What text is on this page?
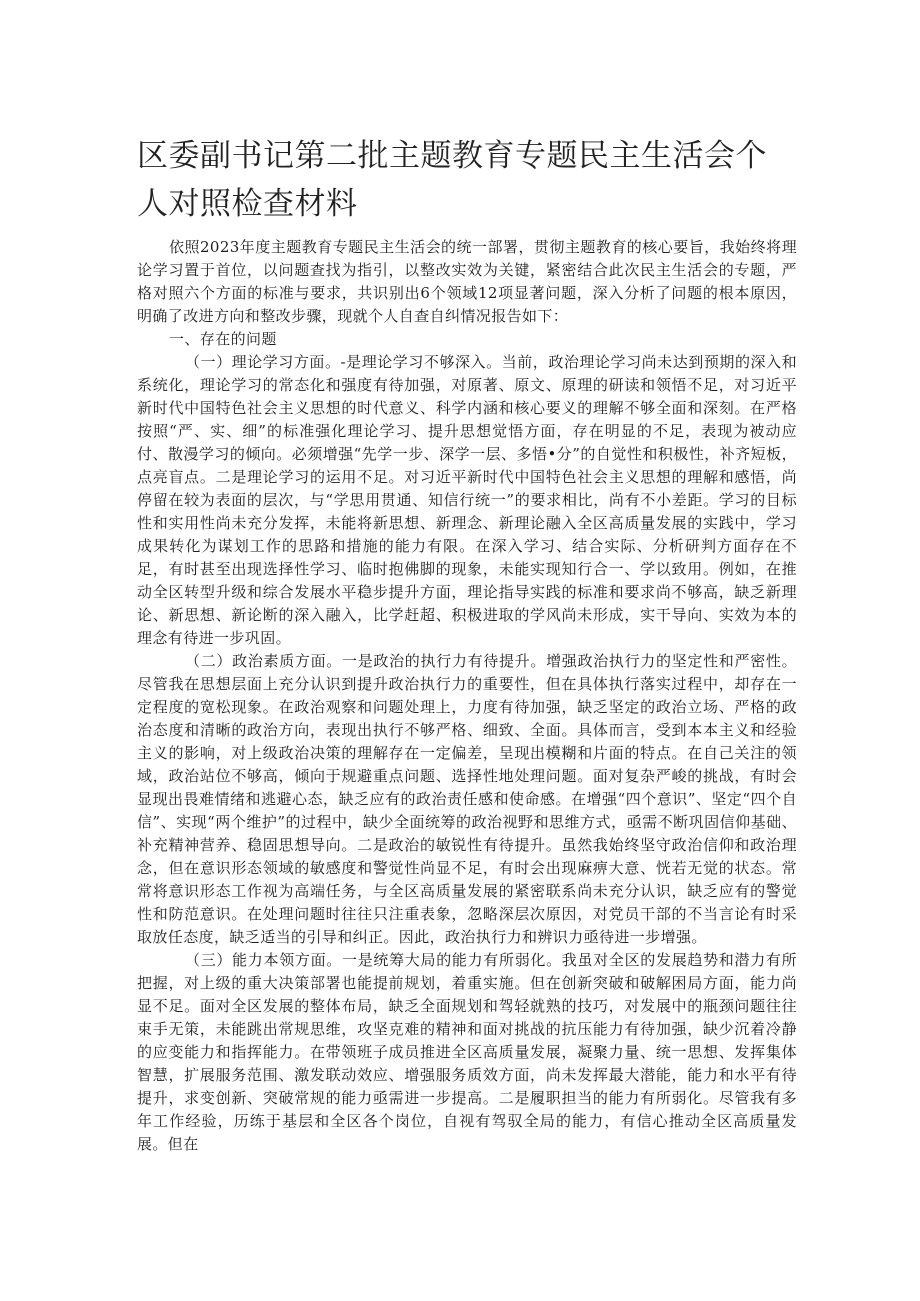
区委副书记第二批主题教育专题民主生活会个人对照检查材料

依照2023年度主题教育专题民主生活会的统一部署，贯彻主题教育的核心要旨，我始终将理论学习置于首位，以问题查找为指引，以整改实效为关键，紧密结合此次民主生活会的专题，严格对照六个方面的标准与要求，共识别出6个领域12项显著问题，深入分析了问题的根本原因，明确了改进方向和整改步骤，现就个人自查自纠情况报告如下：

一、存在的问题

（一）理论学习方面。-是理论学习不够深入。当前，政治理论学习尚未达到预期的深入和系统化，理论学习的常态化和强度有待加强，对原著、原文、原理的研读和领悟不足，对习近平新时代中国特色社会主义思想的时代意义、科学内涵和核心要义的理解不够全面和深刻。在严格按照“严、实、细”的标准强化理论学习、提升思想觉悟方面，存在明显的不足，表现为被动应付、散漫学习的倾向。必须增强“先学一步、深学一层、多悟•分”的自觉性和积极性，补齐短板，点亮盲点。二是理论学习的运用不足。对习近平新时代中国特色社会主义思想的理解和感悟，尚停留在较为表面的层次，与“学思用贯通、知信行统一”的要求相比，尚有不小差距。学习的目标性和实用性尚未充分发挥，未能将新思想、新理念、新理论融入全区高质量发展的实践中，学习成果转化为谋划工作的思路和措施的能力有限。在深入学习、结合实际、分析研判方面存在不足，有时甚至出现选择性学习、临时抱佛脚的现象，未能实现知行合一、学以致用。例如，在推动全区转型升级和综合发展水平稳步提升方面，理论指导实践的标准和要求尚不够高，缺乏新理论、新思想、新论断的深入融入，比学赶超、积极进取的学风尚未形成，实干导向、实效为本的理念有待进一步巩固。

（二）政治素质方面。一是政治的执行力有待提升。增强政治执行力的坚定性和严密性。尽管我在思想层面上充分认识到提升政治执行力的重要性，但在具体执行落实过程中，却存在一定程度的宽松现象。在政治观察和问题处理上，力度有待加强，缺乏坚定的政治立场、严格的政治态度和清晰的政治方向，表现出执行不够严格、细致、全面。具体而言，受到本本主义和经验主义的影响，对上级政治决策的理解存在一定偏差，呈现出模糊和片面的特点。在自己关注的领域，政治站位不够高，倾向于规避重点问题、选择性地处理问题。面对复杂严峻的挑战，有时会显现出畏难情绪和逃避心态，缺乏应有的政治责任感和使命感。在增强“四个意识”、坚定“四个自信”、实现“两个维护”的过程中，缺少全面统筹的政治视野和思维方式，亟需不断巩固信仰基础、补充精神营养、稳固思想导向。二是政治的敏锐性有待提升。虽然我始终坚守政治信仰和政治理念，但在意识形态领域的敏感度和警觉性尚显不足，有时会出现麻痹大意、恍若无觉的状态。常常将意识形态工作视为高端任务，与全区高质量发展的紧密联系尚未充分认识，缺乏应有的警觉性和防范意识。在处理问题时往往只注重表象，忽略深层次原因，对党员干部的不当言论有时采取放任态度，缺乏适当的引导和纠正。因此，政治执行力和辨识力亟待进一步增强。

（三）能力本领方面。一是统筹大局的能力有所弱化。我虽对全区的发展趋势和潜力有所把握，对上级的重大决策部署也能提前规划，着重实施。但在创新突破和破解困局方面，能力尚显不足。面对全区发展的整体布局，缺乏全面规划和驾轻就熟的技巧，对发展中的瓶颈问题往往束手无策，未能跳出常规思维，攻坚克难的精神和面对挑战的抗压能力有待加强，缺少沉着冷静的应变能力和指挥能力。在带领班子成员推进全区高质量发展，凝聚力量、统一思想、发挥集体智慧，扩展服务范围、激发联动效应、增强服务质效方面，尚未发挥最大潜能，能力和水平有待提升，求变创新、突破常规的能力亟需进一步提高。二是履职担当的能力有所弱化。尽管我有多年工作经验，历练于基层和全区各个岗位，自视有驾驭全局的能力，有信心推动全区高质量发展。但在
